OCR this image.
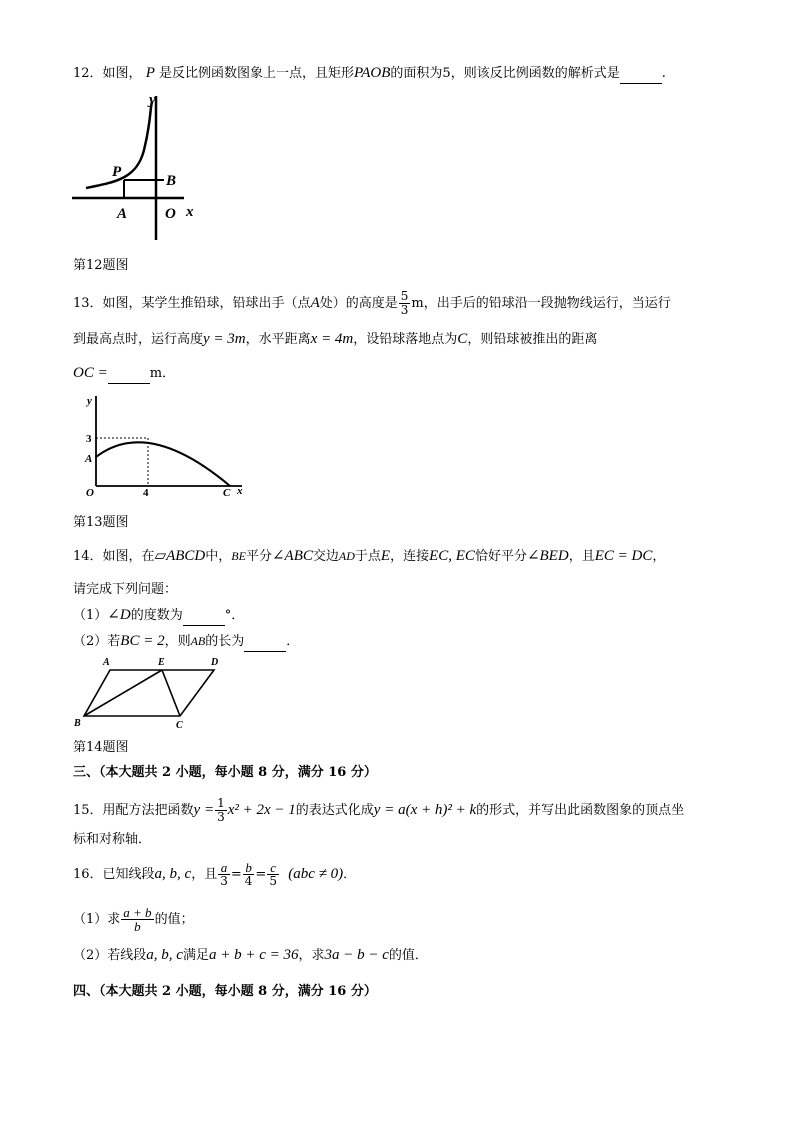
12．如图， P 是反比例函数图象上一点，且矩形PAOB的面积为5，则该反比例函数的解析式是	.
y
P
B
A	O x
第12题图
13．如图，某学生推铅球，铅球出手（点A处）的高度是 $\frac{5}{3}$ m，出手后的铅球沿一段抛物线运行，当运行
到最高点时，运行高度y = 3m，水平距离x = 4m，设铅球落地点为C，则铅球被推出的距离
OC =	m．
y
3
A
O	4	C x
第13题图
14．如图，在▱ABCD中，BE平分∠ABC交边AD于点E，连接EC, EC恰好平分∠BED，且EC = DC，
请完成下列问题：
（1）∠D的度数为	°．
（2）若BC = 2，则AB的长为	．
A	E	D
B	C
第14题图
三、（本大题共 2 小题，每小题 8 分，满分 16 分）
15．用配方法把函数$y = \frac{1}{3} x^2 + 2x - 1$的表达式化成y = a(x + h)² + k的形式，并写出此函数图象的顶点坐
标和对称轴．
16．已知线段a, b, c，且 $\frac{a}{3} = \frac{b}{4} = \frac{c}{5} (abc \ne 0)$．
（1）求 $\frac{a + b}{b}$ 的值；
（2）若线段a, b, c满足a + b + c = 36，求3a − b − c的值．
四、（本大题共 2 小题，每小题 8 分，满分 16 分）
